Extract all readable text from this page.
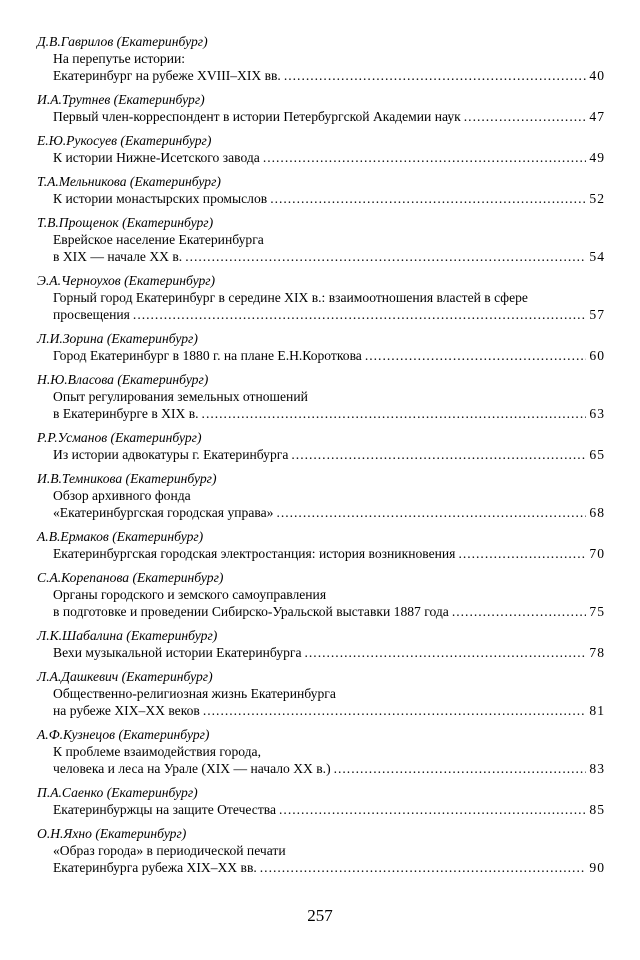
Д.В.Гаврилов (Екатеринбург)
На перепутье истории:
Екатеринбург на рубеже XVIII–XIX вв. .....	40
И.А.Трутнев (Екатеринбург)
Первый член-корреспондент в истории Петербургской Академии наук .....	47
Е.Ю.Рукосуев (Екатеринбург)
К истории Нижне-Исетского завода .....	49
Т.А.Мельникова (Екатеринбург)
К истории монастырских промыслов .....	52
Т.В.Прощенок (Екатеринбург)
Еврейское население Екатеринбурга
в XIX — начале XX в. .....	54
Э.А.Черноухов (Екатеринбург)
Горный город Екатеринбург в середине XIX в.: взаимоотношения властей в сфере
просвещения .....	57
Л.И.Зорина (Екатеринбург)
Город Екатеринбург в 1880 г. на плане Е.Н.Короткова .....	60
Н.Ю.Власова (Екатеринбург)
Опыт регулирования земельных отношений
в Екатеринбурге в XIX в. .....	63
Р.Р.Усманов (Екатеринбург)
Из истории адвокатуры г. Екатеринбурга .....	65
И.В.Темникова (Екатеринбург)
Обзор архивного фонда
«Екатеринбургская городская управа» .....	68
А.В.Ермаков (Екатеринбург)
Екатеринбургская городская электростанция: история возникновения .....	70
С.А.Корепанова (Екатеринбург)
Органы городского и земского самоуправления
в подготовке и проведении Сибирско-Уральской выставки 1887 года .....	75
Л.К.Шабалина (Екатеринбург)
Вехи музыкальной истории Екатеринбурга .....	78
Л.А.Дашкевич (Екатеринбург)
Общественно-религиозная жизнь Екатеринбурга
на рубеже XIX–XX веков .....	81
А.Ф.Кузнецов (Екатеринбург)
К проблеме взаимодействия города,
человека и леса на Урале (XIX — начало XX в.) .....	83
П.А.Саенко (Екатеринбург)
Екатеринбуржцы на защите Отечества .....	85
О.Н.Яхно (Екатеринбург)
«Образ города» в периодической печати
Екатеринбурга рубежа XIX–XX вв. .....	90
257
